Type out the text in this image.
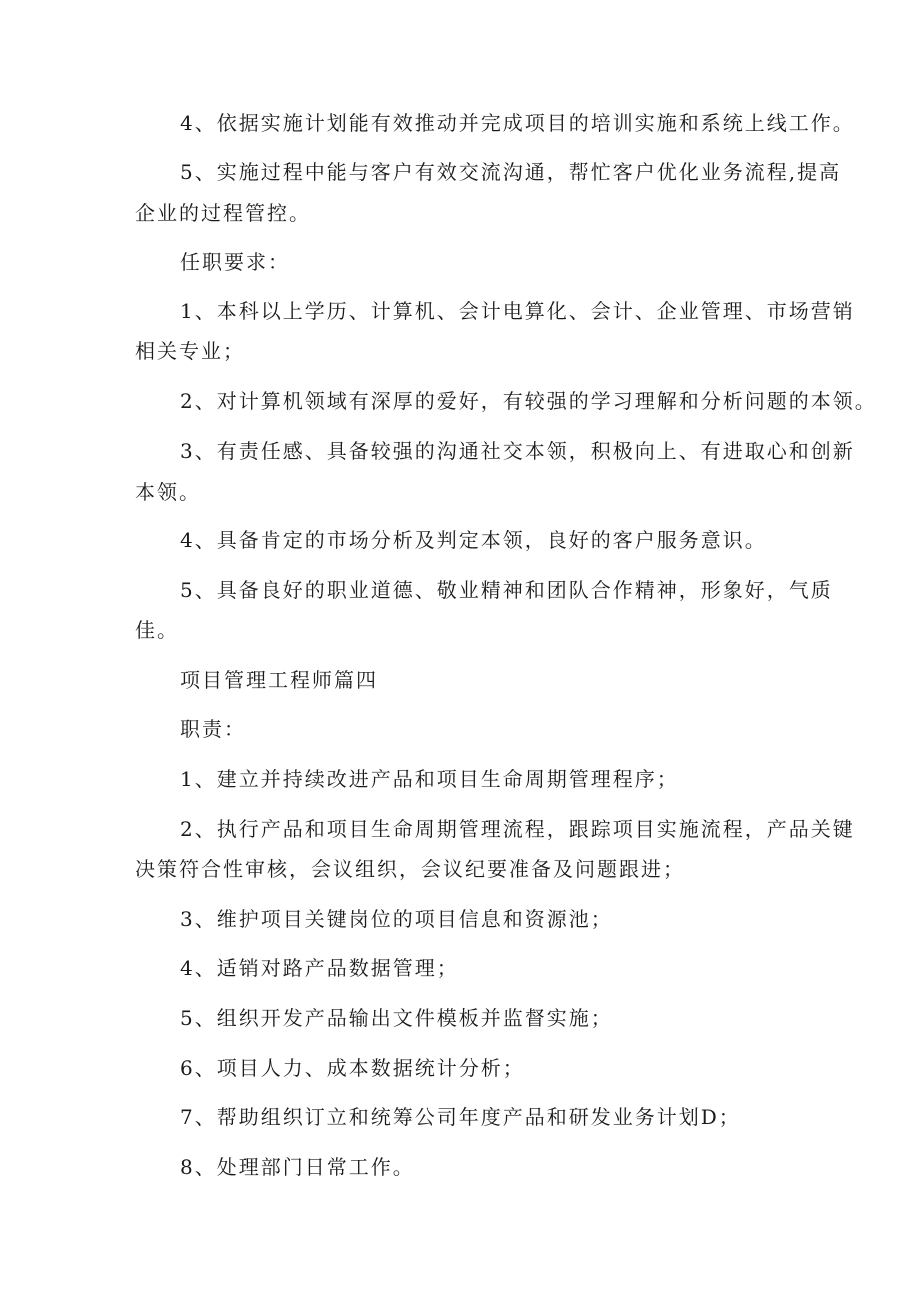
4、依据实施计划能有效推动并完成项目的培训实施和系统上线工作。
5、实施过程中能与客户有效交流沟通，帮忙客户优化业务流程,提高
企业的过程管控。
任职要求：
1、本科以上学历、计算机、会计电算化、会计、企业管理、市场营销
相关专业；
2、对计算机领域有深厚的爱好，有较强的学习理解和分析问题的本领。
3、有责任感、具备较强的沟通社交本领，积极向上、有进取心和创新
本领。
4、具备肯定的市场分析及判定本领，良好的客户服务意识。
5、具备良好的职业道德、敬业精神和团队合作精神，形象好，气质
佳。
项目管理工程师篇四
职责：
1、建立并持续改进产品和项目生命周期管理程序；
2、执行产品和项目生命周期管理流程，跟踪项目实施流程，产品关键
决策符合性审核，会议组织，会议纪要准备及问题跟进；
3、维护项目关键岗位的项目信息和资源池；
4、适销对路产品数据管理；
5、组织开发产品输出文件模板并监督实施；
6、项目人力、成本数据统计分析；
7、帮助组织订立和统筹公司年度产品和研发业务计划D；
8、处理部门日常工作。
